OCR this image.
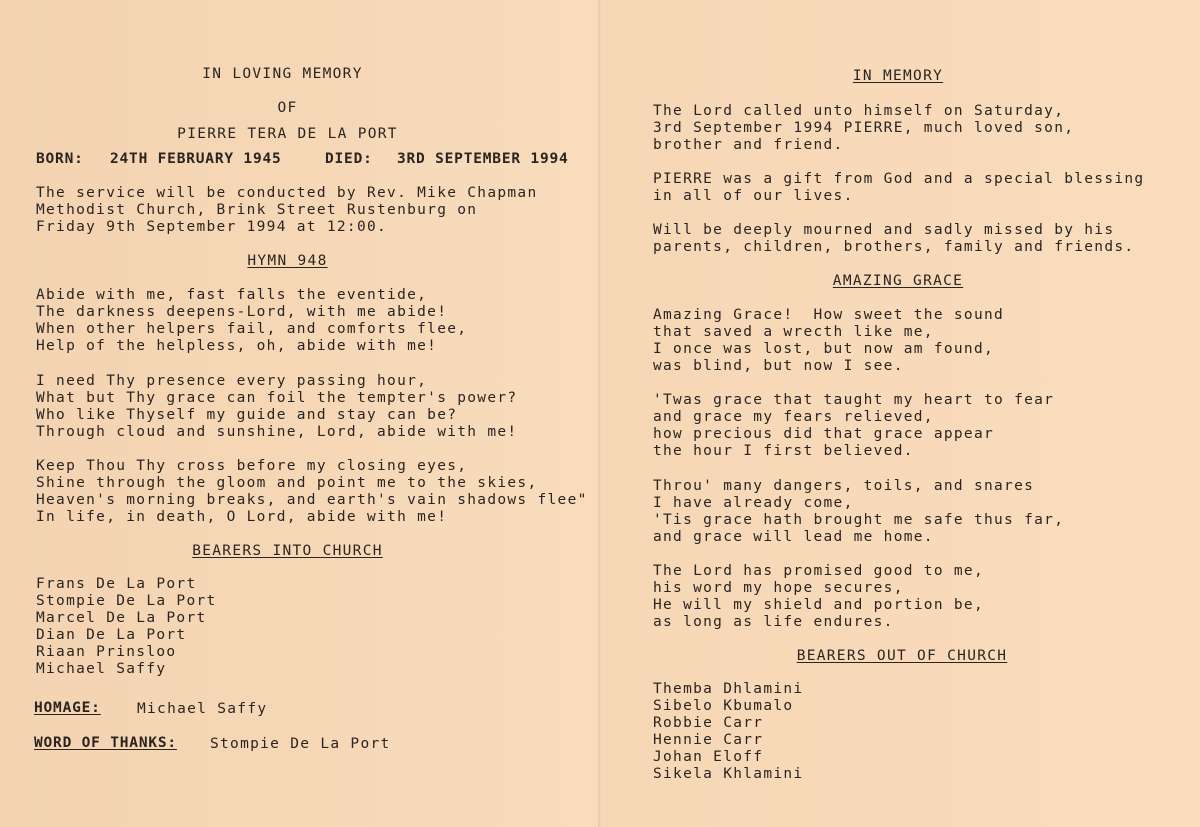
IN LOVING MEMORY
OF
PIERRE TERA DE LA PORT
BORN: 24TH FEBRUARY 1945	DIED: 3RD SEPTEMBER 1994
The service will be conducted by Rev. Mike Chapman
Methodist Church, Brink Street Rustenburg on
Friday 9th September 1994 at 12:00.
HYMN 948
Abide with me, fast falls the eventide,
The darkness deepens-Lord, with me abide!
When other helpers fail, and comforts flee,
Help of the helpless, oh, abide with me!
I need Thy presence every passing hour,
What but Thy grace can foil the tempter's power?
Who like Thyself my guide and stay can be?
Through cloud and sunshine, Lord, abide with me!
Keep Thou Thy cross before my closing eyes,
Shine through the gloom and point me to the skies,
Heaven's morning breaks, and earth's vain shadows flee"
In life, in death, O Lord, abide with me!
BEARERS INTO CHURCH
Frans De La Port
Stompie De La Port
Marcel De La Port
Dian De La Port
Riaan Prinsloo
Michael Saffy
HOMAGE:	Michael Saffy
WORD OF THANKS: Stompie De La Port
IN MEMORY
The Lord called unto himself on Saturday,
3rd September 1994 PIERRE, much loved son,
brother and friend.
PIERRE was a gift from God and a special blessing
in all of our lives.
Will be deeply mourned and sadly missed by his
parents, children, brothers, family and friends.
AMAZING GRACE
Amazing Grace!  How sweet the sound
that saved a wrecth like me,
I once was lost, but now am found,
was blind, but now I see.
'Twas grace that taught my heart to fear
and grace my fears relieved,
how precious did that grace appear
the hour I first believed.
Throu' many dangers, toils, and snares
I have already come,
'Tis grace hath brought me safe thus far,
and grace will lead me home.
The Lord has promised good to me,
his word my hope secures,
He will my shield and portion be,
as long as life endures.
BEARERS OUT OF CHURCH
Themba Dhlamini
Sibelo Kbumalo
Robbie Carr
Hennie Carr
Johan Eloff
Sikela Khlamini
